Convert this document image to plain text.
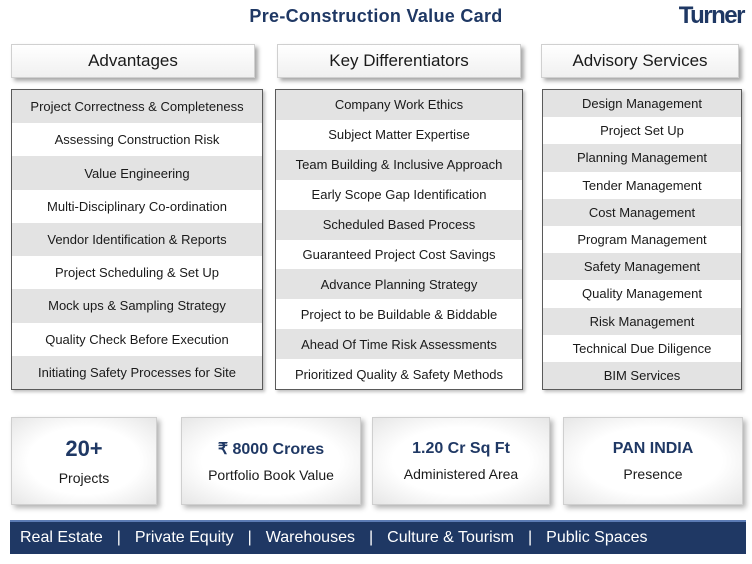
Pre-Construction Value Card	Turner
Advantages	Key Differentiators	Advisory Services
Project Correctness & Completeness
Assessing Construction Risk
Value Engineering
Multi-Disciplinary Co-ordination
Vendor Identification & Reports
Project Scheduling & Set Up
Mock ups & Sampling Strategy
Quality Check Before Execution
Initiating Safety Processes for Site
Company Work Ethics
Subject Matter Expertise
Team Building & Inclusive Approach
Early Scope Gap Identification
Scheduled Based Process
Guaranteed Project Cost Savings
Advance Planning Strategy
Project to be Buildable & Biddable
Ahead Of Time Risk Assessments
Prioritized Quality & Safety Methods
Design Management
Project Set Up
Planning Management
Tender Management
Cost Management
Program Management
Safety Management
Quality Management
Risk Management
Technical Due Diligence
BIM Services
20+
Projects
₹ 8000 Crores
Portfolio Book Value
1.20 Cr Sq Ft
Administered Area
PAN INDIA
Presence
Real Estate | Private Equity | Warehouses | Culture & Tourism | Public Spaces
